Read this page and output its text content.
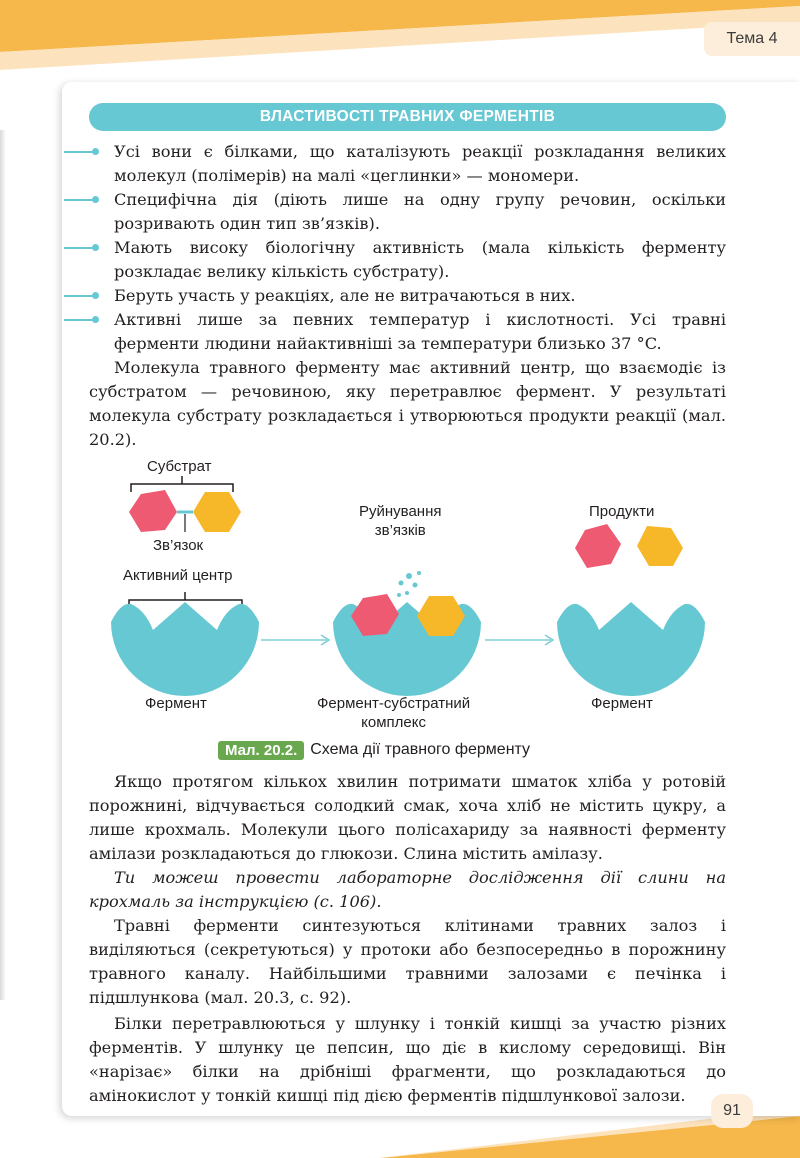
Тема 4
ВЛАСТИВОСТІ ТРАВНИХ ФЕРМЕНТІВ
Усі вони є білками, що каталізують реакції розкладання великих молекул (полімерів) на малі «цеглинки» — мономери.
Специфічна дія (діють лише на одну групу речовин, оскільки розривають один тип зв’язків).
Мають високу біологічну активність (мала кількість ферменту розкладає велику кількість субстрату).
Беруть участь у реакціях, але не витрачаються в них.
Активні лише за певних температур і кислотності. Усі травні ферменти людини найактивніші за температури близько 37 °C.

Молекула травного ферменту має активний центр, що взаємодіє із субстратом — речовиною, яку перетравлює фермент. У результаті молекула субстрату розкладається і утворюються продукти реакції (мал. 20.2).

Субстрат
Зв’язок
Активний центр
Фермент
Руйнування
зв’язків
Фермент-субстратний
комплекс
Продукти
Фермент
Мал. 20.2. Схема дії травного ферменту

Якщо протягом кількох хвилин потримати шматок хліба у ротовій порожнині, відчувається солодкий смак, хоча хліб не містить цукру, а лише крохмаль. Молекули цього полісахариду за наявності ферменту амілази розкладаються до глюкози. Слина містить амілазу.

Ти можеш провести лабораторне дослідження дії слини на крохмаль за інструкцією (с. 106).

Травні ферменти синтезуються клітинами травних залоз і виділяються (секретуються) у протоки або безпосередньо в порожнину травного каналу. Найбільшими травними залозами є печінка і підшлункова (мал. 20.3, с. 92).

Білки перетравлюються у шлунку і тонкій кишці за участю різних ферментів. У шлунку це пепсин, що діє в кислому середовищі. Він «нарізає» білки на дрібніші фрагменти, що розкладаються до амінокислот у тонкій кишці під дією ферментів підшлункової залози.

91
